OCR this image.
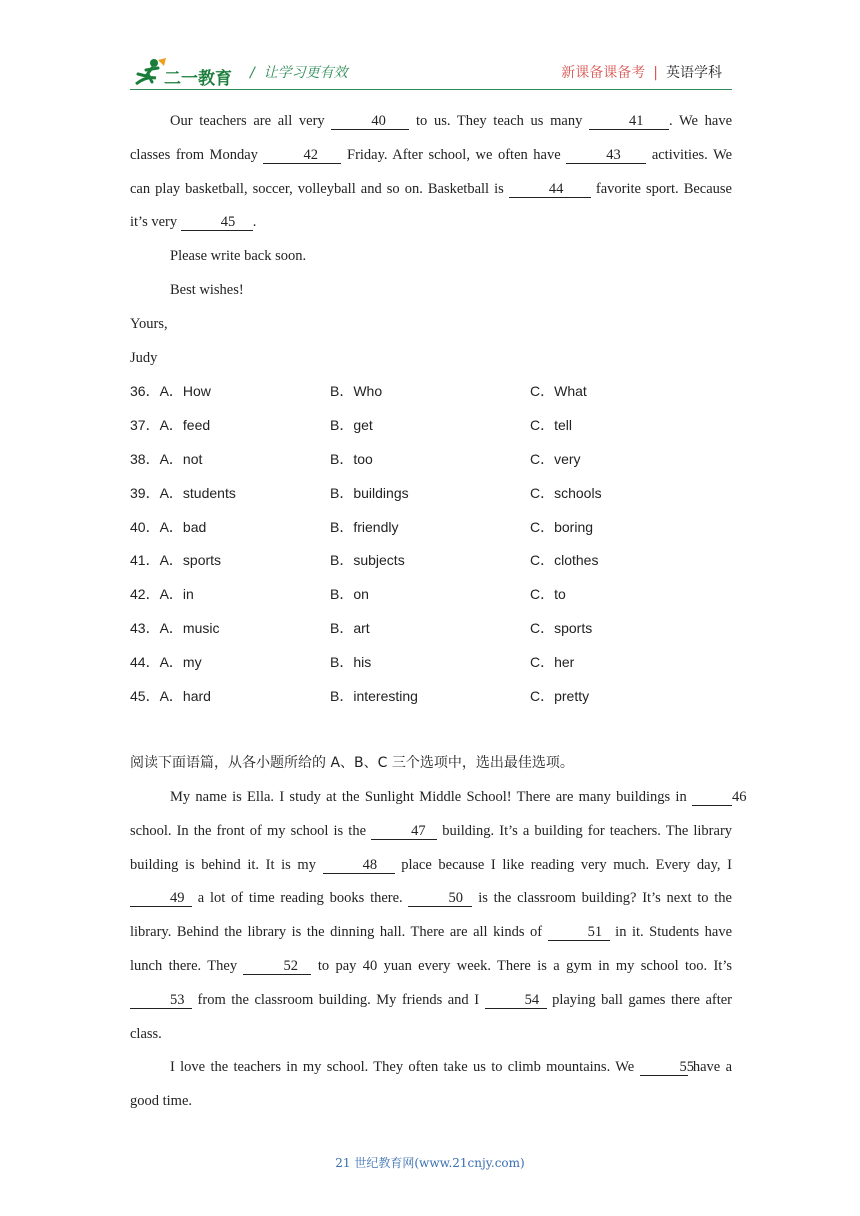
二一教育 /  让学习更有效	新课备课备考 | 英语学科

Our teachers are all very	40 to us. They teach us many	41 . We have classes from Monday	42 Friday. After school, we often have	43 activities. We can play basketball, soccer, volleyball and so on. Basketball is	44 favorite sport. Because it’s very	45 .

Please write back soon.

Best wishes!

Yours,

Judy

36．A．How	B．Who	C．What
37．A．feed	B．get	C．tell
38．A．not	B．too	C．very
39．A．students	B．buildings	C．schools
40．A．bad	B．friendly	C．boring
41．A．sports	B．subjects	C．clothes
42．A．in	B．on	C．to
43．A．music	B．art	C．sports
44．A．my	B．his	C．her
45．A．hard	B．interesting	C．pretty

阅读下面语篇，从各小题所给的 A、B、C 三个选项中，选出最佳选项。

My name is Ella. I study at the Sunlight Middle School! There are many buildings in	46 school. In the front of my school is the	47 building. It’s a building for teachers. The library building is behind it. It is my	48 place because I like reading very much. Every day, I 49 a lot of time reading books there.	50 is the classroom building? It’s next to the library. Behind the library is the dinning hall. There are all kinds of	51 in it. Students have lunch there. They	52 to pay 40 yuan every week. There is a gym in my school too. It’s 53 from the classroom building. My friends and I	54 playing ball games there after class.

I love the teachers in my school. They often take us to climb mountains. We	55 have a good time.

21 世纪教育网(www.21cnjy.com)
